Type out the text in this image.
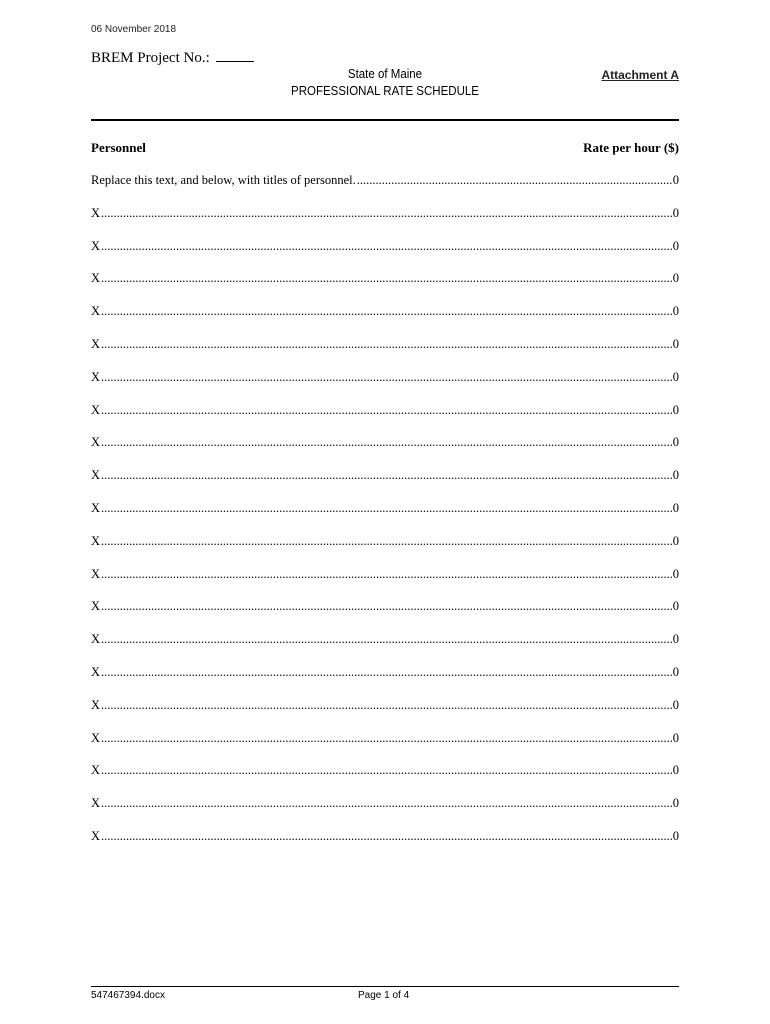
06 November 2018
BREM Project No.:
State of Maine
PROFESSIONAL RATE SCHEDULE
Attachment A
Personnel	Rate per hour ($)
Replace this text, and below, with titles of personnel. .....	0
X .....	0
X .....	0
X .....	0
X .....	0
X .....	0
X .....	0
X .....	0
X .....	0
X .....	0
X .....	0
X .....	0
X .....	0
X .....	0
X .....	0
X .....	0
X .....	0
X .....	0
X .....	0
X .....	0
X .....	0
547467394.docx	Page 1 of 4
